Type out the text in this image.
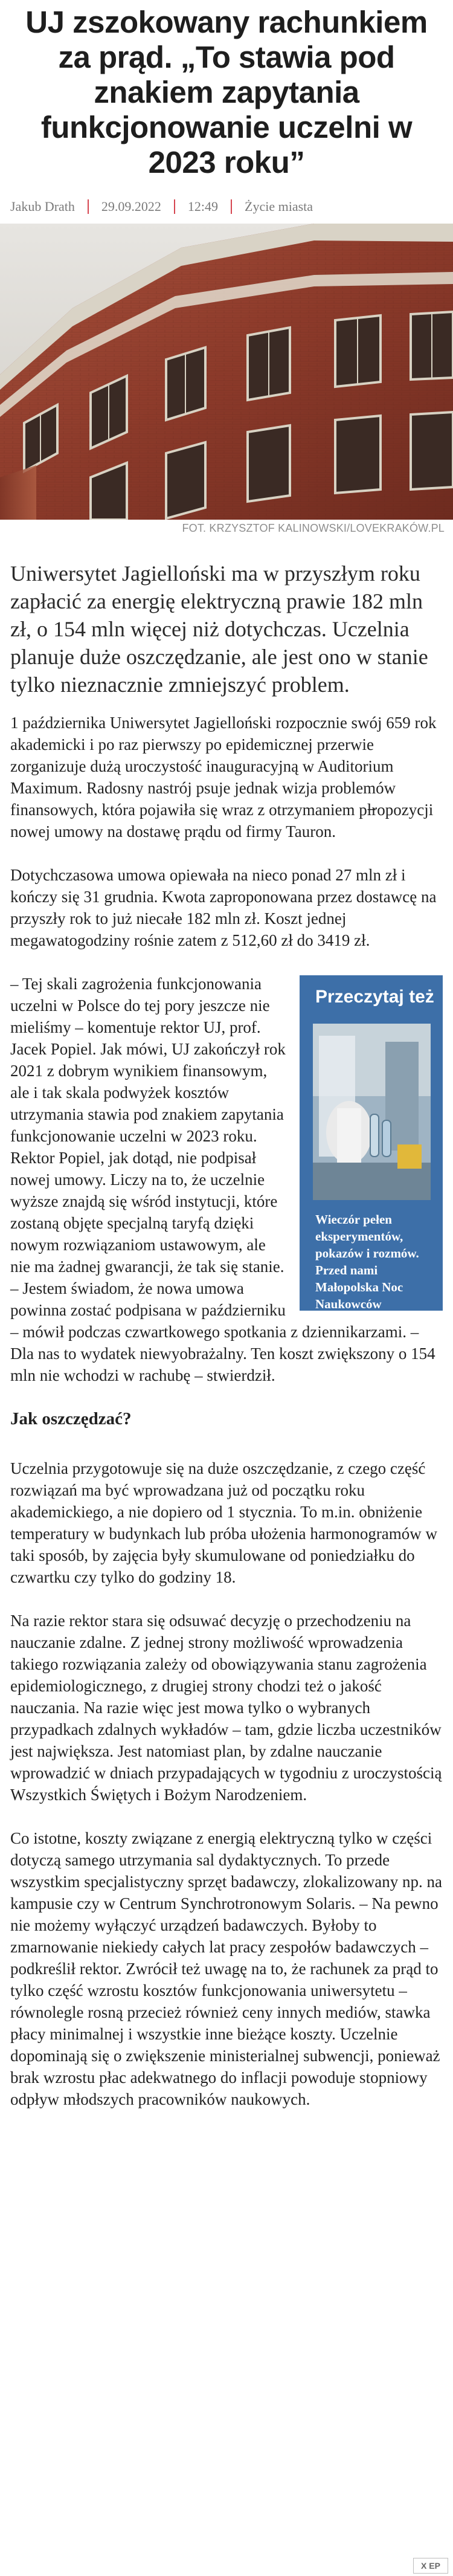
UJ zszokowany rachunkiem za prąd. „To stawia pod znakiem zapytania funkcjonowanie uczelni w 2023 roku”
Jakub Drath 29.09.2022 12:49 Życie miasta
FOT. KRZYSZTOF KALINOWSKI/LOVEKRAKÓW.PL
Uniwersytet Jagielloński ma w przyszłym roku zapłacić za energię elektryczną prawie 182 mln zł, o 154 mln więcej niż dotychczas. Uczelnia planuje duże oszczędzanie, ale jest ono w stanie tylko nieznacznie zmniejszyć problem.

1 października Uniwersytet Jagielloński rozpocznie swój 659 rok akademicki i po raz pierwszy po epidemicznej przerwie zorganizuje dużą uroczystość inauguracyjną w Auditorium Maximum. Radosny nastrój psuje jednak wizja problemów finansowych, która pojawiła się wraz z otrzymaniem pl̶ropozycji nowej umowy na dostawę prądu od firmy Tauron.

Dotychczasowa umowa opiewała na nieco ponad 27 mln zł i kończy się 31 grudnia. Kwota zaproponowana przez dostawcę na przyszły rok to już niecałe 182 mln zł. Koszt jednej megawatogodziny rośnie zatem z 512,60 zł do 3419 zł.

Przeczytaj też
Wieczór pełen eksperymentów, pokazów i rozmów. Przed nami Małopolska Noc Naukowców

– Tej skali zagrożenia funkcjonowania uczelni w Polsce do tej pory jeszcze nie mieliśmy – komentuje rektor UJ, prof. Jacek Popiel. Jak mówi, UJ zakończył rok 2021 z dobrym wynikiem finansowym, ale i tak skala podwyżek kosztów utrzymania stawia pod znakiem zapytania funkcjonowanie uczelni w 2023 roku.

Rektor Popiel, jak dotąd, nie podpisał nowej umowy. Liczy na to, że uczelnie wyższe znajdą się wśród instytucji, które zostaną objęte specjalną taryfą dzięki nowym rozwiązaniom ustawowym, ale nie ma żadnej gwarancji, że tak się stanie. – Jestem świadom, że nowa umowa powinna zostać podpisana w październiku – mówił podczas czwartkowego spotkania z dziennikarzami. – Dla nas to wydatek niewyobrażalny. Ten koszt zwiększony o 154 mln nie wchodzi w rachubę – stwierdził.

Jak oszczędzać?

Uczelnia przygotowuje się na duże oszczędzanie, z czego część rozwiązań ma być wprowadzana już od początku roku akademickiego, a nie dopiero od 1 stycznia. To m.in. obniżenie temperatury w budynkach lub próba ułożenia harmonogramów w taki sposób, by zajęcia były skumulowane od poniedziałku do czwartku czy tylko do godziny 18.

Na razie rektor stara się odsuwać decyzję o przechodzeniu na nauczanie zdalne. Z jednej strony możliwość wprowadzenia takiego rozwiązania zależy od obowiązywania stanu zagrożenia epidemiologicznego, z drugiej strony chodzi też o jakość nauczania. Na razie więc jest mowa tylko o wybranych przypadkach zdalnych wykładów – tam, gdzie liczba uczestników jest największa. Jest natomiast plan, by zdalne nauczanie wprowadzić w dniach przypadających w tygodniu z uroczystością Wszystkich Świętych i Bożym Narodzeniem.

Co istotne, koszty związane z energią elektryczną tylko w części dotyczą samego utrzymania sal dydaktycznych. To przede wszystkim specjalistyczny sprzęt badawczy, zlokalizowany np. na kampusie czy w Centrum Synchrotronowym Solaris. – Na pewno nie możemy wyłączyć urządzeń badawczych. Byłoby to zmarnowanie niekiedy całych lat pracy zespołów badawczych – podkreślił rektor. Zwrócił też uwagę na to, że rachunek za prąd to tylko część wzrostu kosztów funkcjonowania uniwersytetu – równolegle rosną przecież również ceny innych mediów, stawka płacy minimalnej i wszystkie inne bieżące koszty. Uczelnie dopominają się o zwiększenie ministerialnej subwencji, ponieważ brak wzrostu płac adekwatnego do inflacji powoduje stopniowy odpływ młodszych pracowników naukowych.

X EP
